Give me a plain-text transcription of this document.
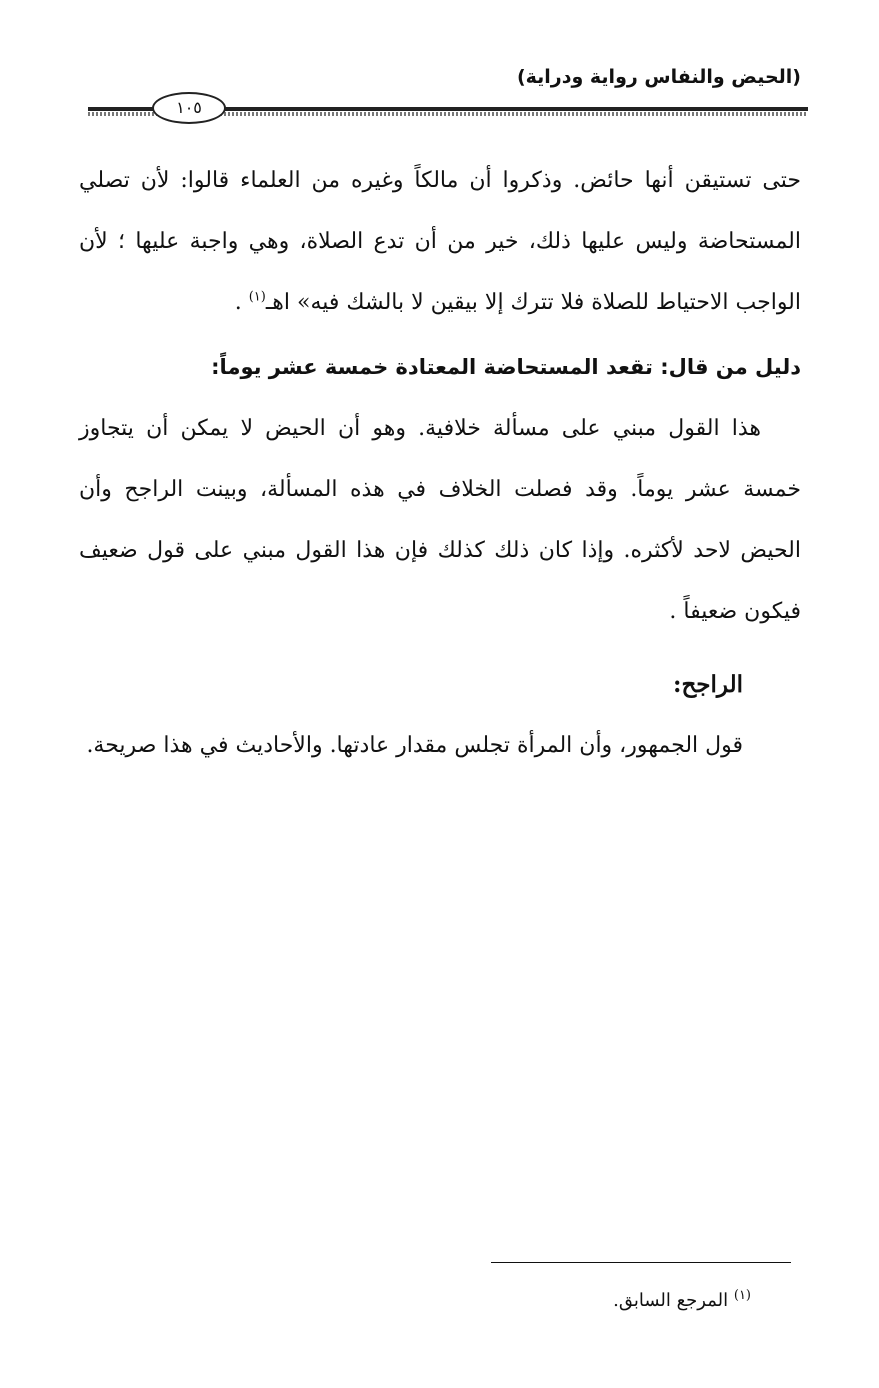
(الحيض والنفاس رواية ودراية)
١٠٥

حتى تستيقن أنها حائض. وذكروا أن مالكاً وغيره من العلماء قالوا: لأن تصلي المستحاضة وليس عليها ذلك، خير من أن تدع الصلاة، وهي واجبة عليها ؛ لأن الواجب الاحتياط للصلاة فلا تترك إلا بيقين لا بالشك فيه» اهـ$^{(١)}$ .

دليل من قال: تقعد المستحاضة المعتادة خمسة عشر يوماً:

هذا القول مبني على مسألة خلافية. وهو أن الحيض لا يمكن أن يتجاوز خمسة عشر يوماً. وقد فصلت الخلاف في هذه المسألة، وبينت الراجح وأن الحيض لاحد لأكثره. وإذا كان ذلك كذلك فإن هذا القول مبني على قول ضعيف فيكون ضعيفاً .

الراجح:

قول الجمهور، وأن المرأة تجلس مقدار عادتها. والأحاديث في هذا صريحة.

$^{(١)}$ المرجع السابق.
